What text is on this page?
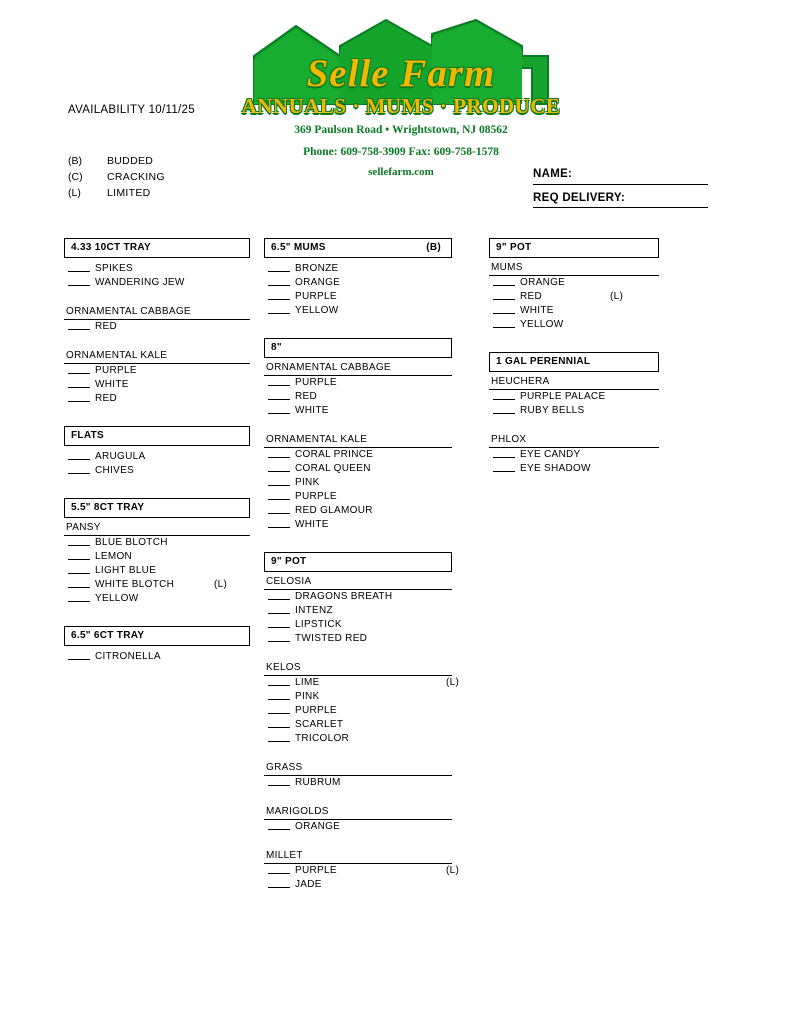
Selle Farm
ANNUALS · MUMS · PRODUCE
369 Paulson Road • Wrightstown, NJ 08562
Phone: 609-758-3909 Fax: 609-758-1578
sellefarm.com
AVAILABILITY 10/11/25
(B)	BUDDED
(C)	CRACKING
(L)	LIMITED
NAME:
REQ DELIVERY:
4.33 10CT TRAY
SPIKES
WANDERING JEW
ORNAMENTAL CABBAGE
RED
ORNAMENTAL KALE
PURPLE
WHITE
RED
FLATS
ARUGULA
CHIVES
5.5" 8CT TRAY
PANSY
BLUE BLOTCH
LEMON
LIGHT BLUE
WHITE BLOTCH	(L)
YELLOW
6.5" 6CT TRAY
CITRONELLA
6.5" MUMS	(B)
BRONZE
ORANGE
PURPLE
YELLOW
8"
ORNAMENTAL CABBAGE
PURPLE
RED
WHITE
ORNAMENTAL KALE
CORAL PRINCE
CORAL QUEEN
PINK
PURPLE
RED GLAMOUR
WHITE
9" POT
CELOSIA
DRAGONS BREATH
INTENZ
LIPSTICK
TWISTED RED
KELOS
LIME	(L)
PINK
PURPLE
SCARLET
TRICOLOR
GRASS
RUBRUM
MARIGOLDS
ORANGE
MILLET
PURPLE	(L)
JADE
9" POT
MUMS
ORANGE
RED	(L)
WHITE
YELLOW
1 GAL PERENNIAL
HEUCHERA
PURPLE PALACE
RUBY BELLS
PHLOX
EYE CANDY
EYE SHADOW
